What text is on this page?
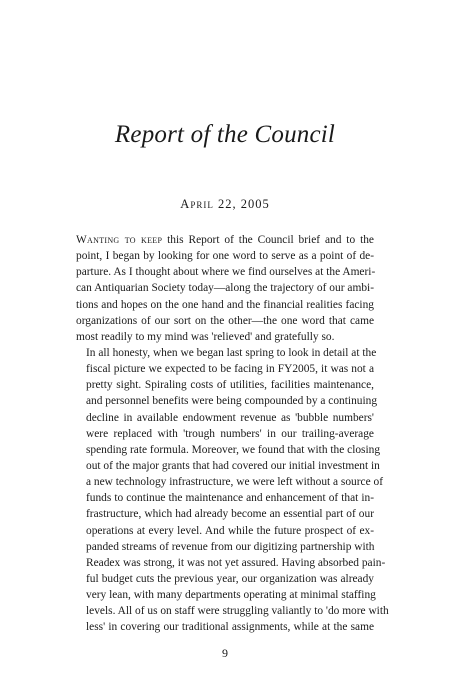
Report of the Council
April 22, 2005

Wanting to keep this Report of the Council brief and to the
point, I began by looking for one word to serve as a point of de-
parture. As I thought about where we find ourselves at the Ameri-
can Antiquarian Society today—along the trajectory of our ambi-
tions and hopes on the one hand and the financial realities facing
organizations of our sort on the other—the one word that came
most readily to my mind was 'relieved' and gratefully so.

In all honesty, when we began last spring to look in detail at the
fiscal picture we expected to be facing in FY2005, it was not a
pretty sight. Spiraling costs of utilities, facilities maintenance,
and personnel benefits were being compounded by a continuing
decline in available endowment revenue as 'bubble numbers'
were replaced with 'trough numbers' in our trailing-average
spending rate formula. Moreover, we found that with the closing
out of the major grants that had covered our initial investment in
a new technology infrastructure, we were left without a source of
funds to continue the maintenance and enhancement of that in-
frastructure, which had already become an essential part of our
operations at every level. And while the future prospect of ex-
panded streams of revenue from our digitizing partnership with
Readex was strong, it was not yet assured. Having absorbed pain-
ful budget cuts the previous year, our organization was already
very lean, with many departments operating at minimal staffing
levels. All of us on staff were struggling valiantly to 'do more with
less' in covering our traditional assignments, while at the same

9
